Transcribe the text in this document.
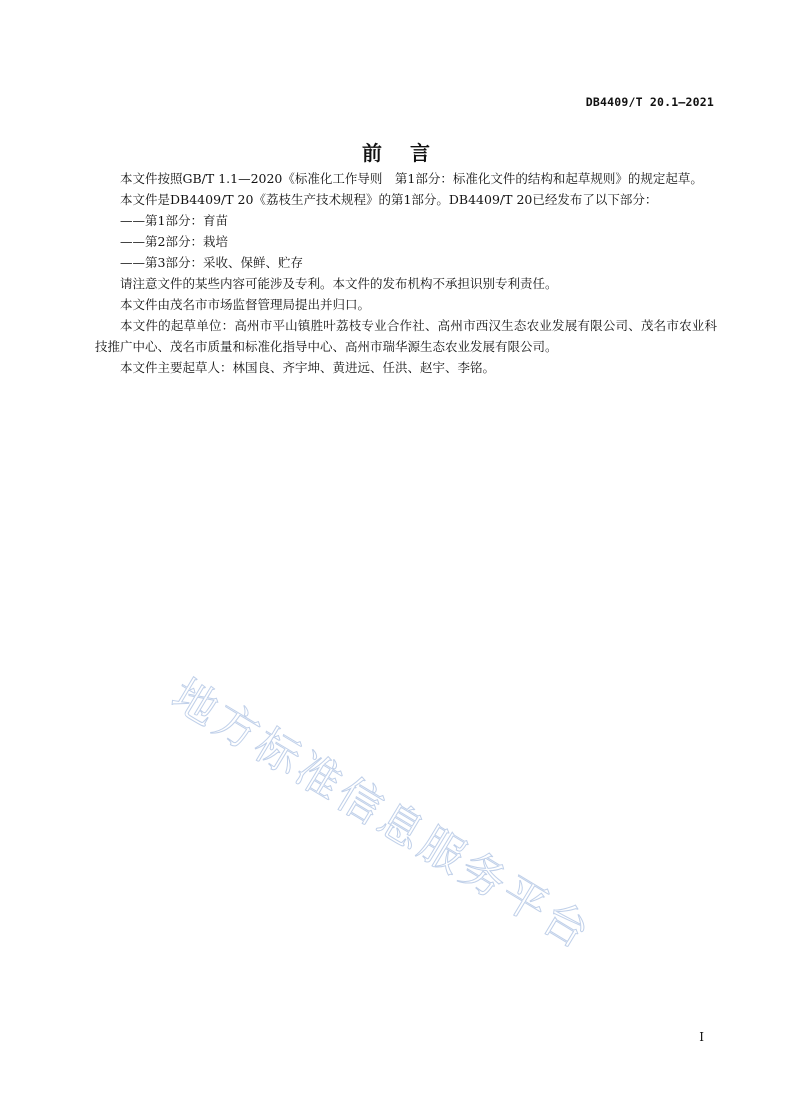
DB4409/T 20.1—2021
前言

本文件按照GB/T 1.1—2020《标准化工作导则　第1部分：标准化文件的结构和起草规则》的规定起草。

本文件是DB4409/T 20《荔枝生产技术规程》的第1部分。DB4409/T 20已经发布了以下部分：

——第1部分：育苗

——第2部分：栽培

——第3部分：采收、保鲜、贮存

请注意文件的某些内容可能涉及专利。本文件的发布机构不承担识别专利责任。

本文件由茂名市市场监督管理局提出并归口。

本文件的起草单位：高州市平山镇胜叶荔枝专业合作社、高州市西汉生态农业发展有限公司、茂名市农业科技推广中心、茂名市质量和标准化指导中心、高州市瑞华源生态农业发展有限公司。

本文件主要起草人：林国良、齐宇坤、黄进远、任洪、赵宇、李铭。

地方标准信息服务平台
I
